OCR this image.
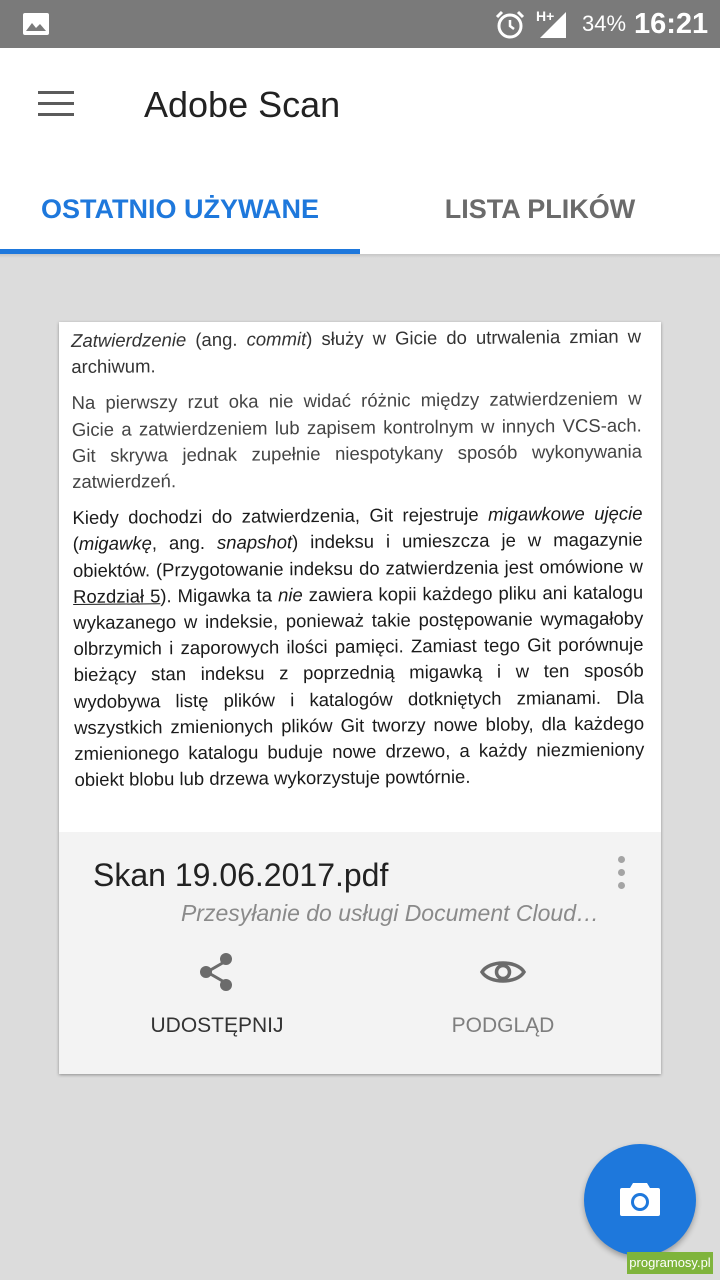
H+ 34% 16:21
Adobe Scan
OSTATNIO UŻYWANE	LISTA PLIKÓW

Zatwierdzenie (ang. commit) służy w Gicie do utrwalenia zmian w archiwum.

Na pierwszy rzut oka nie widać różnic między zatwierdzeniem w Gicie a zatwierdzeniem lub zapisem kontrolnym w innych VCS-ach. Git skrywa jednak zupełnie niespotykany sposób wykonywania zatwierdzeń.

Kiedy dochodzi do zatwierdzenia, Git rejestruje migawkowe ujęcie (migawkę, ang. snapshot) indeksu i umieszcza je w magazynie obiektów. (Przygotowanie indeksu do zatwierdzenia jest omówione w Rozdział 5). Migawka ta nie zawiera kopii każdego pliku ani katalogu wykazanego w indeksie, ponieważ takie postępowanie wymagałoby olbrzymich i zaporowych ilości pamięci. Zamiast tego Git porównuje bieżący stan indeksu z poprzednią migawką i w ten sposób wydobywa listę plików i katalogów dotkniętych zmianami. Dla wszystkich zmienionych plików Git tworzy nowe bloby, dla każdego zmienionego katalogu buduje nowe drzewo, a każdy niezmieniony obiekt blobu lub drzewa wykorzystuje powtórnie.

Skan 19.06.2017.pdf
Przesyłanie do usługi Document Cloud…
UDOSTĘPNIJ	PODGLĄD
programosy.pl
